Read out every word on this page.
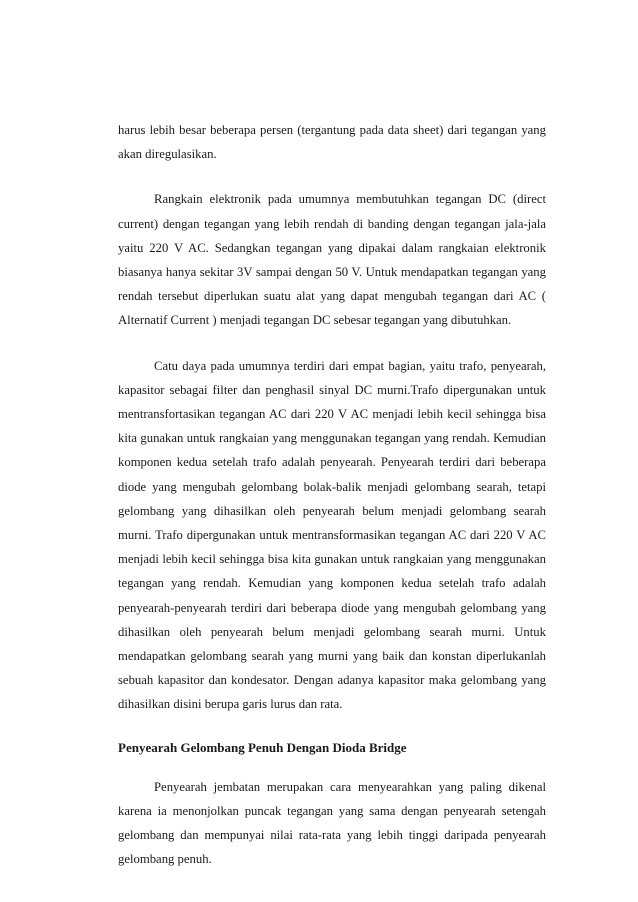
harus lebih besar beberapa persen (tergantung pada data sheet) dari tegangan yang akan diregulasikan.

Rangkain elektronik pada umumnya membutuhkan tegangan DC (direct current) dengan tegangan yang lebih rendah di banding dengan tegangan jala-jala yaitu 220 V AC. Sedangkan tegangan yang dipakai dalam rangkaian elektronik biasanya hanya sekitar 3V sampai dengan 50 V. Untuk mendapatkan tegangan yang rendah tersebut diperlukan suatu alat yang dapat mengubah tegangan dari AC ( Alternatif Current ) menjadi tegangan DC sebesar tegangan yang dibutuhkan.

Catu daya pada umumnya terdiri dari empat bagian, yaitu trafo, penyearah, kapasitor sebagai filter dan penghasil sinyal DC murni.Trafo dipergunakan untuk mentransfortasikan tegangan AC dari 220 V AC menjadi lebih kecil sehingga bisa kita gunakan untuk rangkaian yang menggunakan tegangan yang rendah. Kemudian komponen kedua setelah trafo adalah penyearah. Penyearah terdiri dari beberapa diode yang mengubah gelombang bolak-balik menjadi gelombang searah, tetapi gelombang yang dihasilkan oleh penyearah belum menjadi gelombang searah murni. Trafo dipergunakan untuk mentransformasikan tegangan AC dari 220 V AC menjadi lebih kecil sehingga bisa kita gunakan untuk rangkaian yang menggunakan tegangan yang rendah. Kemudian yang komponen kedua setelah trafo adalah penyearah-penyearah terdiri dari beberapa diode yang mengubah gelombang yang dihasilkan oleh penyearah belum menjadi gelombang searah murni. Untuk mendapatkan gelombang searah yang murni yang baik dan konstan diperlukanlah sebuah kapasitor dan kondesator. Dengan adanya kapasitor maka gelombang yang dihasilkan disini berupa garis lurus dan rata.

Penyearah Gelombang Penuh Dengan Dioda Bridge

Penyearah jembatan merupakan cara menyearahkan yang paling dikenal karena ia menonjolkan puncak tegangan yang sama dengan penyearah setengah gelombang dan mempunyai nilai rata-rata yang lebih tinggi daripada penyearah gelombang penuh.
